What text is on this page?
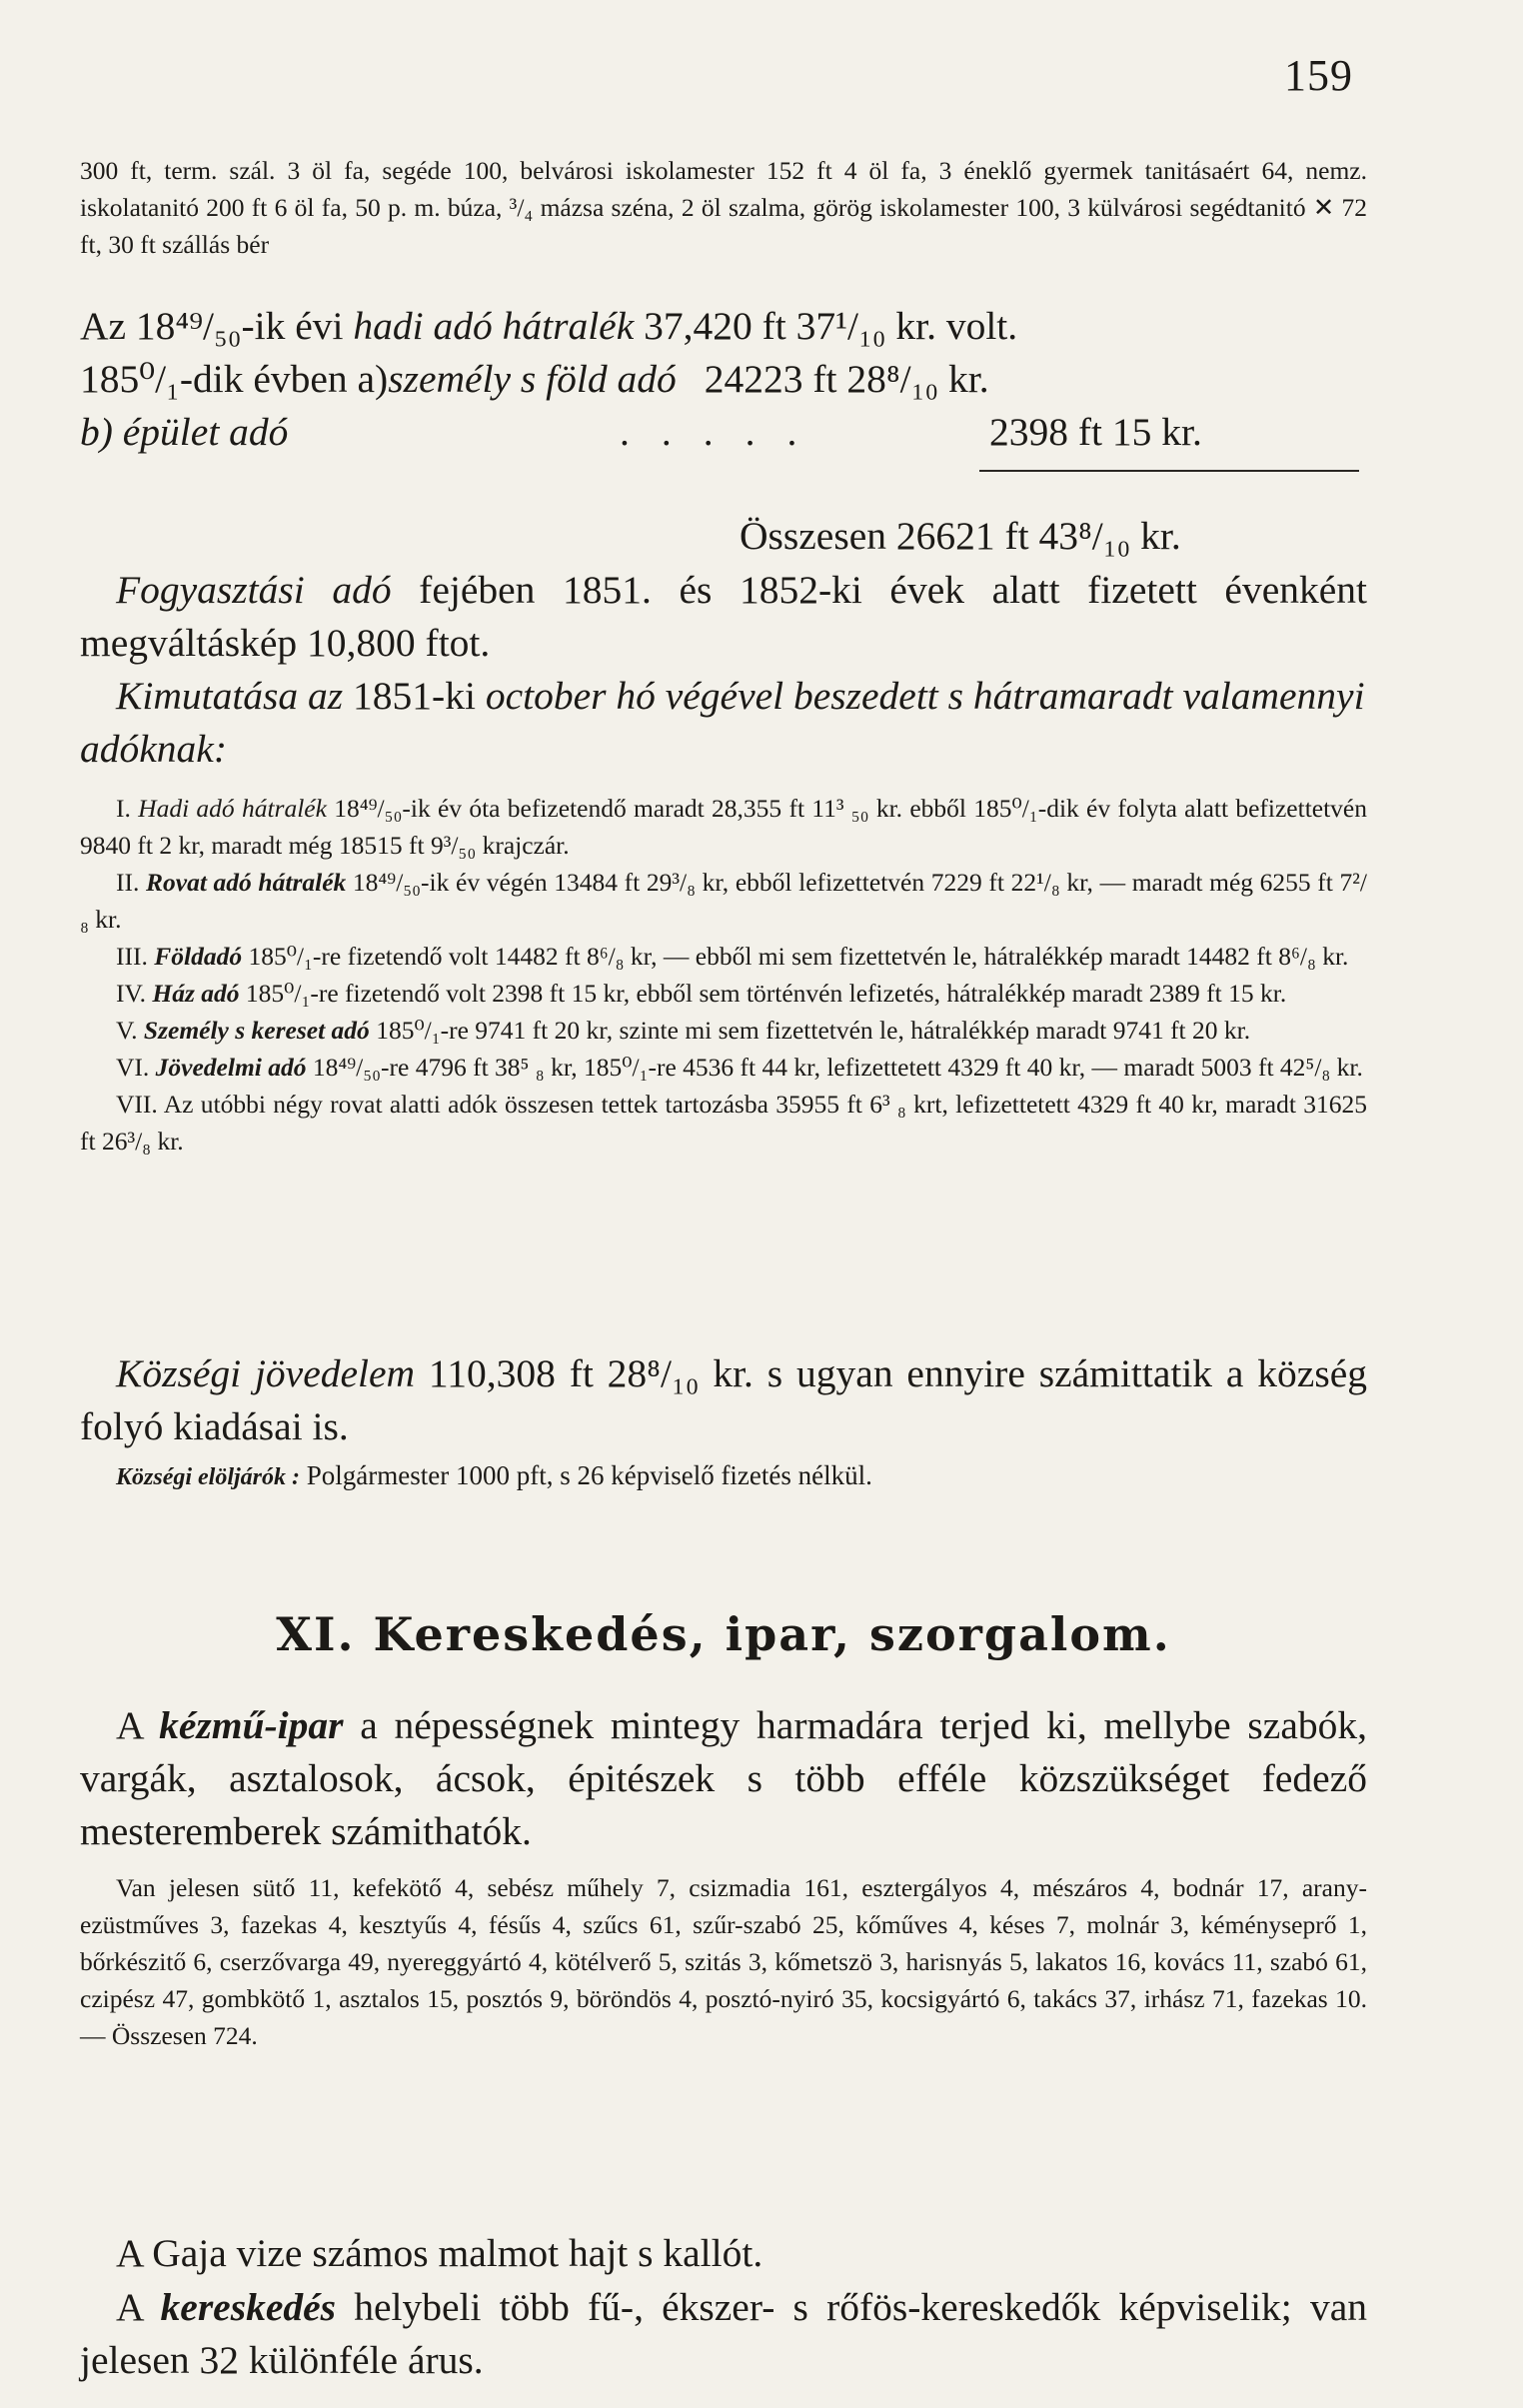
159
300 ft, term. szál. 3 öl fa, segéde 100, belvárosi iskolamester 152 ft 4 öl fa, 3 éneklő gyermek tanitásaért 64, nemz. iskolatanitó 200 ft 6 öl fa, 50 p. m. búza, ³/₄ mázsa széna, 2 öl szalma, görög iskolamester 100, 3 külvárosi segédtanitó ✕ 72 ft, 30 ft szállás bér
Az 18⁴⁹/₅₀-ik évi hadi adó hátralék 37,420 ft 37¹/₁₀ kr. volt.
185⁰/₁-dik évben a) személy s föld adó 24223 ft 28⁸/₁₀ kr.
b) épület adó	.....	2398 ft 15 kr.
Összesen 26621 ft 43⁸/₁₀ kr.
Fogyasztási adó fejében 1851. és 1852-ki évek alatt fizetett évenként megváltáskép 10,800 ftot.
Kimutatása az 1851-ki october hó végével beszedett s hátramaradt valamennyi adóknak:
I. Hadi adó hátralék 18⁴⁹/₅₀-ik év óta befizetendő maradt 28,355 ft 11³ ₅₀ kr. ebből 185⁰/₁-dik év folyta alatt befizettetvén 9840 ft 2 kr, maradt még 18515 ft 9³/₅₀ krajczár.
II. Rovat adó hátralék 18⁴⁹/₅₀-ik év végén 13484 ft 29³/₈ kr, ebből lefizettetvén 7229 ft 22¹/₈ kr, — maradt még 6255 ft 7²/₈ kr.
III. Földadó 185⁰/₁-re fizetendő volt 14482 ft 8⁶/₈ kr, — ebből mi sem fizettetvén le, hátralékkép maradt 14482 ft 8⁶/₈ kr.
IV. Ház adó 185⁰/₁-re fizetendő volt 2398 ft 15 kr, ebből sem történvén lefizetés, hátralékkép maradt 2389 ft 15 kr.
V. Személy s kereset adó 185⁰/₁-re 9741 ft 20 kr, szinte mi sem fizettetvén le, hátralékkép maradt 9741 ft 20 kr.
VI. Jövedelmi adó 18⁴⁹/₅₀-re 4796 ft 38⁵ ₈ kr, 185⁰/₁-re 4536 ft 44 kr, lefizettetett 4329 ft 40 kr, — maradt 5003 ft 42⁵/₈ kr.
VII. Az utóbbi négy rovat alatti adók összesen tettek tartozásba 35955 ft 6³ ₈ krt, lefizettetett 4329 ft 40 kr, maradt 31625 ft 26³/₈ kr.
Községi jövedelem 110,308 ft 28⁸/₁₀ kr. s ugyan ennyire számittatik a község folyó kiadásai is.
Községi elöljárók : Polgármester 1000 pft, s 26 képviselő fizetés nélkül.
XI. Kereskedés, ipar, szorgalom.
A kézmű-ipar a népességnek mintegy harmadára terjed ki, mellybe szabók, vargák, asztalosok, ácsok, épitészek s több efféle közszükséget fedező mesteremberek számithatók.
Van jelesen sütő 11, kefekötő 4, sebész műhely 7, csizmadia 161, esztergályos 4, mészáros 4, bodnár 17, arany-ezüstműves 3, fazekas 4, kesztyűs 4, fésűs 4, szűcs 61, szűr-szabó 25, kőműves 4, késes 7, molnár 3, kéményseprő 1, bőrkészitő 6, cserzővarga 49, nyereggyártó 4, kötélverő 5, szitás 3, kőmetszö 3, harisnyás 5, lakatos 16, kovács 11, szabó 61, czipész 47, gombkötő 1, asztalos 15, posztós 9, böröndös 4, posztó-nyiró 35, kocsigyártó 6, takács 37, irhász 71, fazekas 10. — Összesen 724.
A Gaja vize számos malmot hajt s kallót.
A kereskedés helybeli több fű-, ékszer- s rőfös-kereskedők képviselik; van jelesen 32 különféle árus.
